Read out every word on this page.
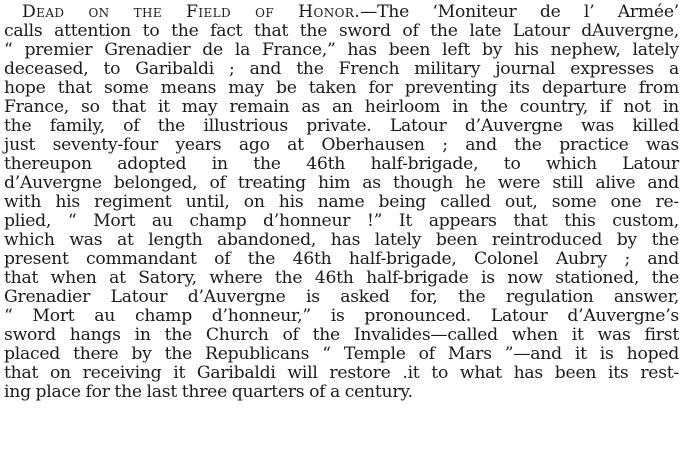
Dead on the Field of Honor.—The ‘Moniteur de l’ Armée’
calls attention to the fact that the sword of the late Latour dAuvergne,
“ premier Grenadier de la France,” has been left by his nephew, lately
deceased, to Garibaldi ; and the French military journal expresses a
hope that some means may be taken for preventing its departure from
France, so that it may remain as an heirloom in the country, if not in
the family, of the illustrious private. Latour d’Auvergne was killed
just seventy-four years ago at Oberhausen ; and the practice was
thereupon adopted in the 46th half-brigade, to which Latour
d’Auvergne belonged, of treating him as though he were still alive and
with his regiment until, on his name being called out, some one re-
plied, “ Mort au champ d’honneur !” It appears that this custom,
which was at length abandoned, has lately been reintroduced by the
present commandant of the 46th half-brigade, Colonel Aubry ; and
that when at Satory, where the 46th half-brigade is now stationed, the
Grenadier Latour d’Auvergne is asked for, the regulation answer,
“ Mort au champ d’honneur,” is pronounced. Latour d’Auvergne’s
sword hangs in the Church of the Invalides—called when it was first
placed there by the Republicans “ Temple of Mars ”—and it is hoped
that on receiving it Garibaldi will restore .it to what has been its rest-
ing place for the last three quarters of a century.
